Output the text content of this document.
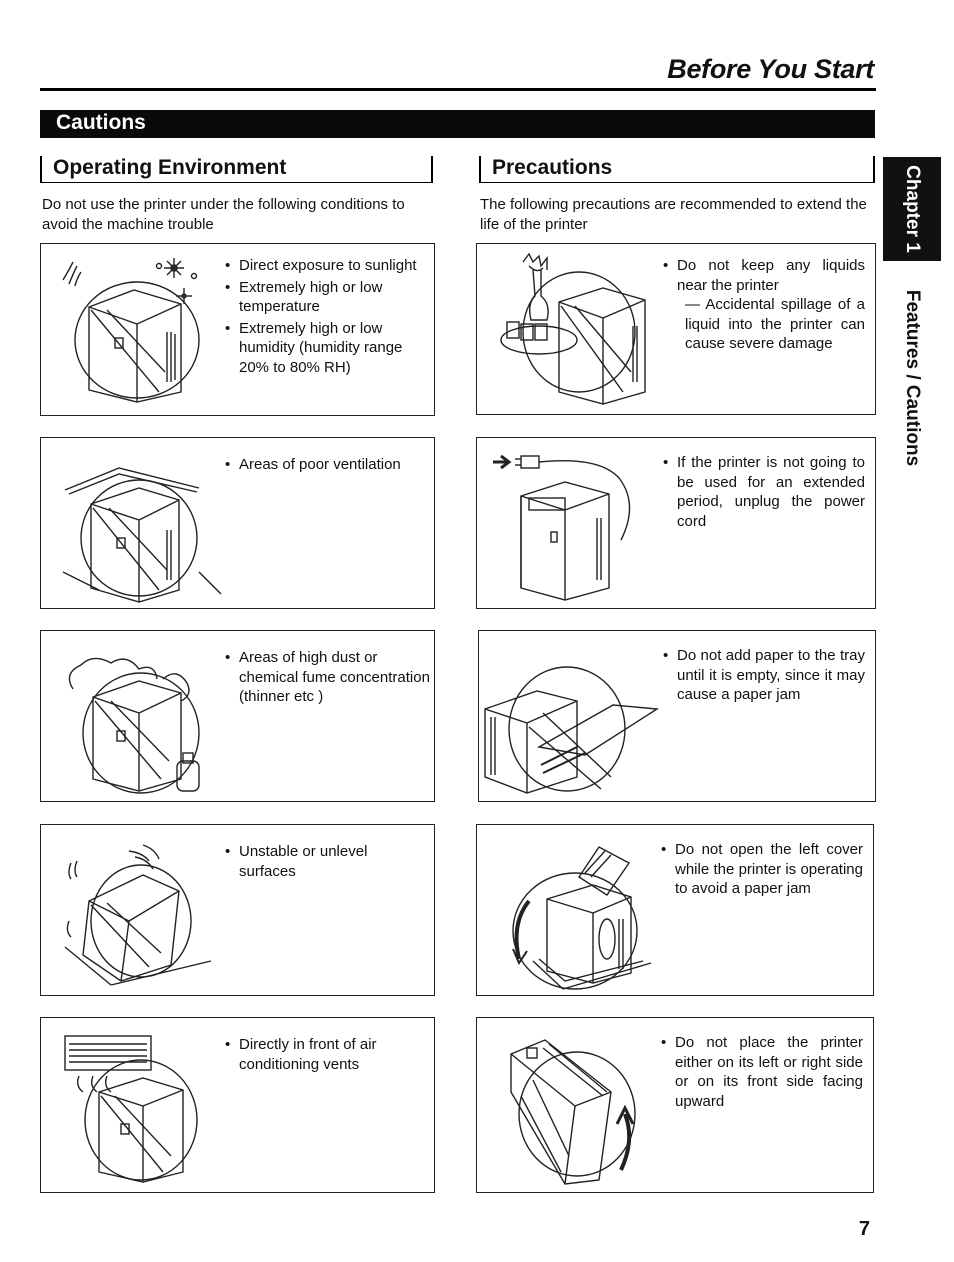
Before You Start
Cautions
Chapter 1
Features / Cautions
Operating Environment
Do not use the printer under the following conditions to avoid the machine trouble
• Direct exposure to sunlight
• Extremely high or low temperature
• Extremely high or low humidity (humidity range 20% to 80% RH)
• Areas of poor ventilation
• Areas of high dust or chemical fume concentration (thinner etc )
• Unstable or unlevel surfaces
• Directly in front of air conditioning vents
Precautions
The following precautions are recommended to extend the life of the printer
• Do not keep any liquids near the printer
— Accidental spillage of a liquid into the printer can cause severe damage
• If the printer is not going to be used for an extended period, unplug the power cord
• Do not add paper to the tray until it is empty, since it may cause a paper jam
• Do not open the left cover while the printer is operating to avoid a paper jam
• Do not place the printer either on its left or right side or on its front side facing upward
7
